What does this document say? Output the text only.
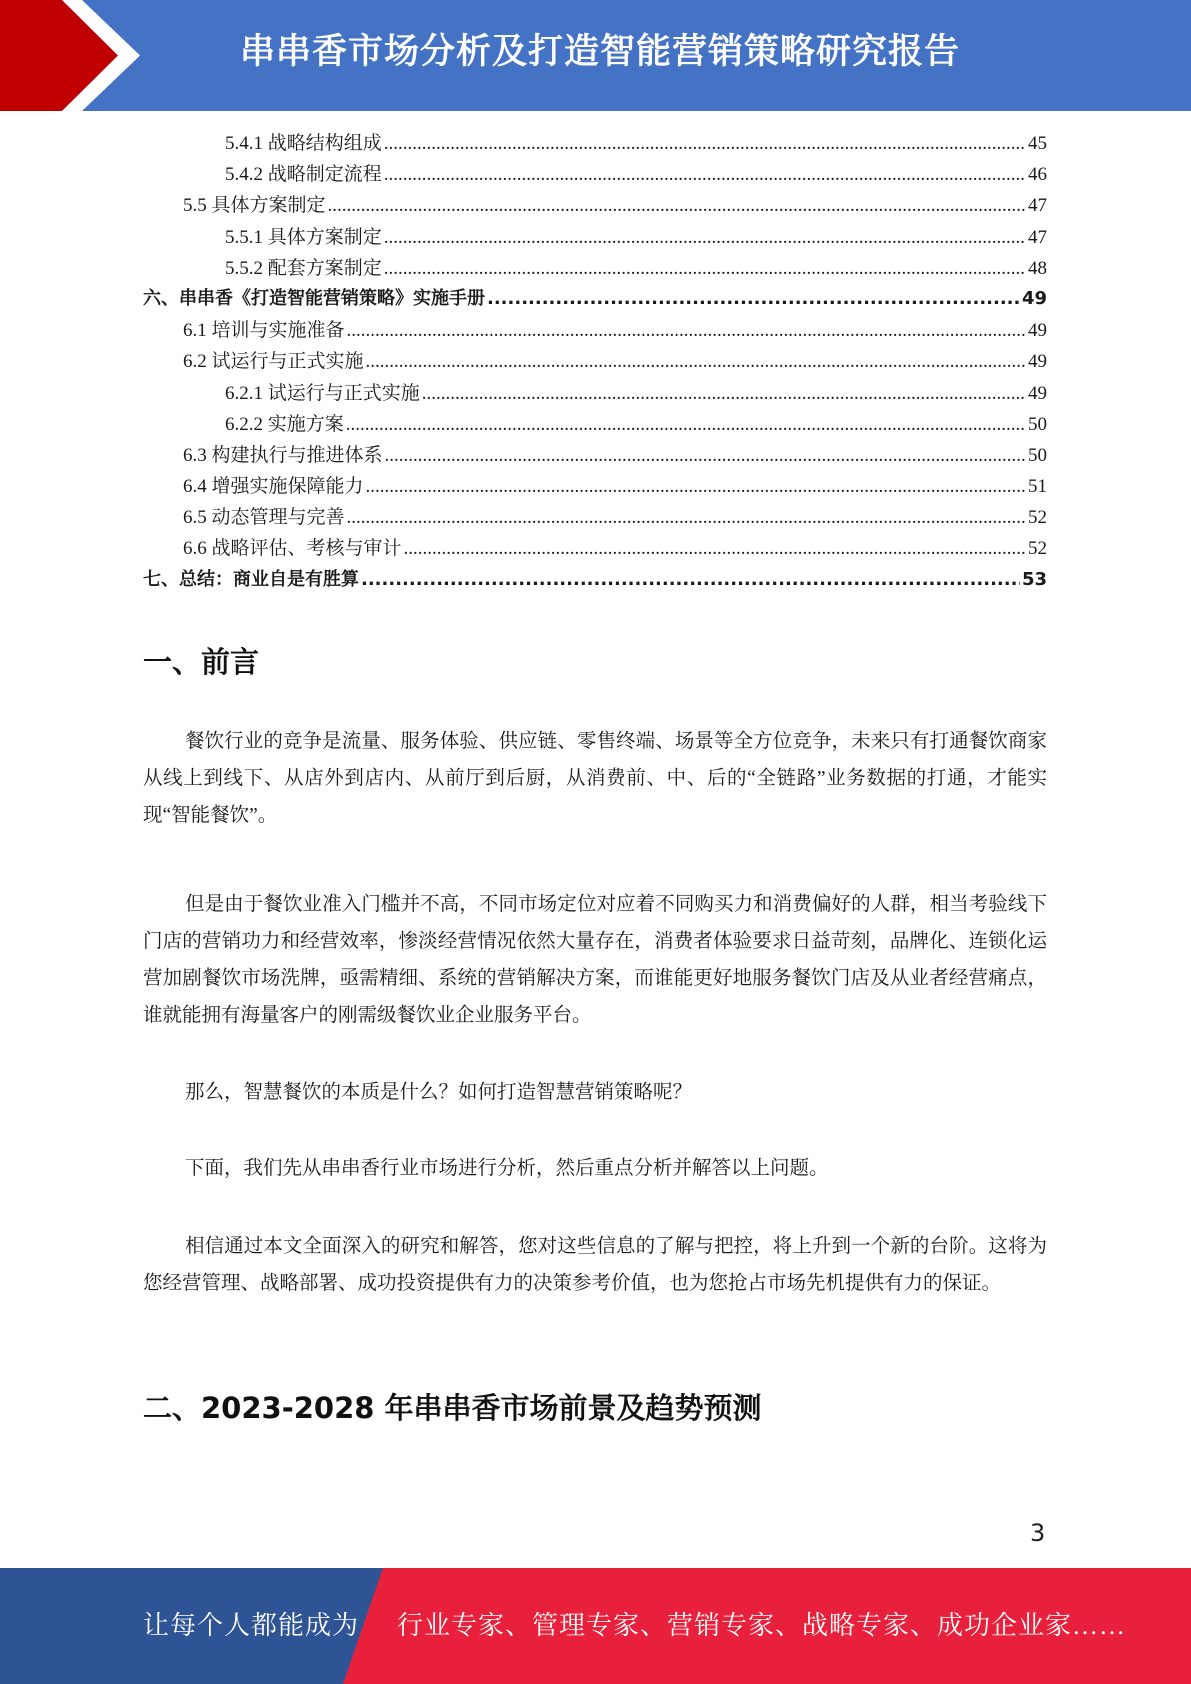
串串香市场分析及打造智能营销策略研究报告
5.4.1 战略结构组成 .....	45
5.4.2 战略制定流程 .....	46
5.5 具体方案制定 .....	47
5.5.1 具体方案制定 .....	47
5.5.2 配套方案制定 .....	48
六、串串香《打造智能营销策略》实施手册 .....	49
6.1 培训与实施准备 .....	49
6.2 试运行与正式实施 .....	49
6.2.1 试运行与正式实施 .....	49
6.2.2 实施方案 .....	50
6.3 构建执行与推进体系 .....	50
6.4 增强实施保障能力 .....	51
6.5 动态管理与完善 .....	52
6.6 战略评估、考核与审计 .....	52
七、总结：商业自是有胜算 .....	53
一、前言

餐饮行业的竞争是流量、服务体验、供应链、零售终端、场景等全方位竞争，未来只有打通餐饮商家从线上到线下、从店外到店内、从前厅到后厨，从消费前、中、后的“全链路”业务数据的打通，才能实现“智能餐饮”。

但是由于餐饮业准入门槛并不高，不同市场定位对应着不同购买力和消费偏好的人群，相当考验线下门店的营销功力和经营效率，惨淡经营情况依然大量存在，消费者体验要求日益苛刻，品牌化、连锁化运营加剧餐饮市场洗牌，亟需精细、系统的营销解决方案，而谁能更好地服务餐饮门店及从业者经营痛点，谁就能拥有海量客户的刚需级餐饮业企业服务平台。

那么，智慧餐饮的本质是什么？如何打造智慧营销策略呢？

下面，我们先从串串香行业市场进行分析，然后重点分析并解答以上问题。

相信通过本文全面深入的研究和解答，您对这些信息的了解与把控，将上升到一个新的台阶。这将为您经营管理、战略部署、成功投资提供有力的决策参考价值，也为您抢占市场先机提供有力的保证。

二、2023-2028 年串串香市场前景及趋势预测
3
让每个人都能成为 行业专家、管理专家、营销专家、战略专家、成功企业家……
